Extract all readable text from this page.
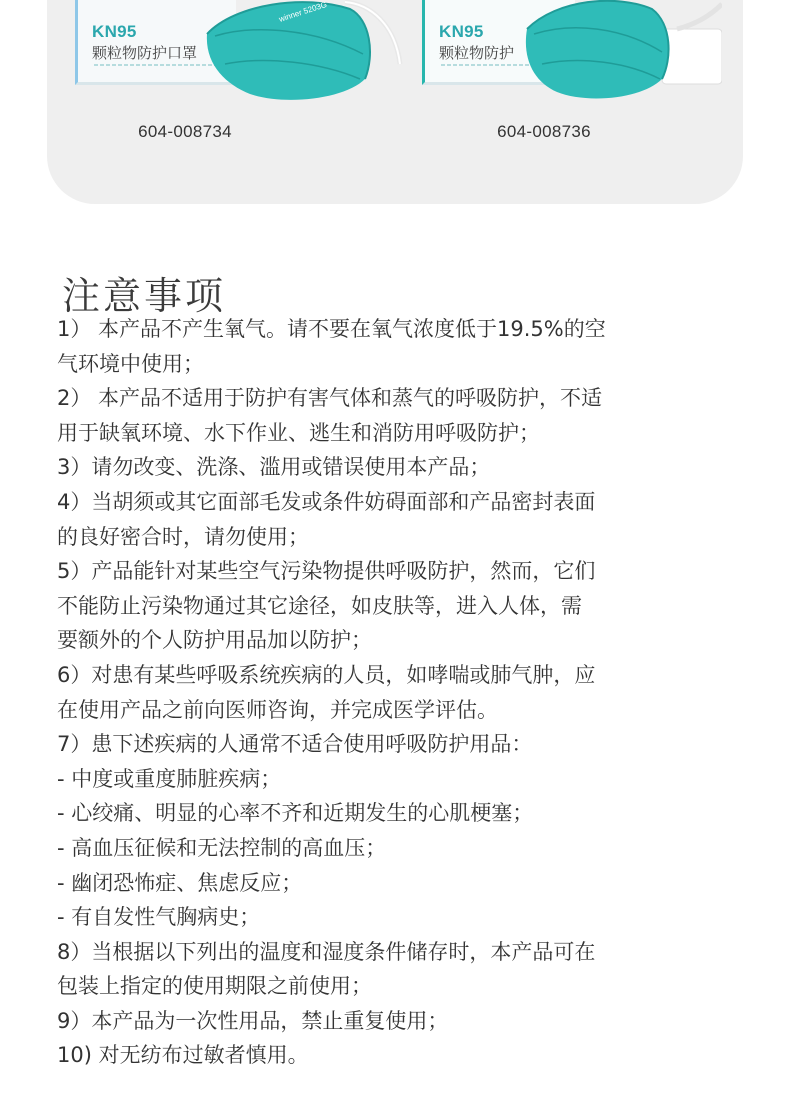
KN95
颗粒物防护口罩
winner 5203G
604-008734
KN95
颗粒物防护
604-008736
注意事项
1） 本产品不产生氧气。请不要在氧气浓度低于19.5%的空
气环境中使用；
2） 本产品不适用于防护有害气体和蒸气的呼吸防护，不适
用于缺氧环境、水下作业、逃生和消防用呼吸防护；
3）请勿改变、洗涤、滥用或错误使用本产品；
4）当胡须或其它面部毛发或条件妨碍面部和产品密封表面
的良好密合时，请勿使用；
5）产品能针对某些空气污染物提供呼吸防护，然而，它们
不能防止污染物通过其它途径，如皮肤等，进入人体，需
要额外的个人防护用品加以防护；
6）对患有某些呼吸系统疾病的人员，如哮喘或肺气肿，应
在使用产品之前向医师咨询，并完成医学评估。
7）患下述疾病的人通常不适合使用呼吸防护用品：
- 中度或重度肺脏疾病；
- 心绞痛、明显的心率不齐和近期发生的心肌梗塞；
- 高血压征候和无法控制的高血压；
- 幽闭恐怖症、焦虑反应；
- 有自发性气胸病史；
8）当根据以下列出的温度和湿度条件储存时，本产品可在
包装上指定的使用期限之前使用；
9）本产品为一次性用品，禁止重复使用；
10) 对无纺布过敏者慎用。
